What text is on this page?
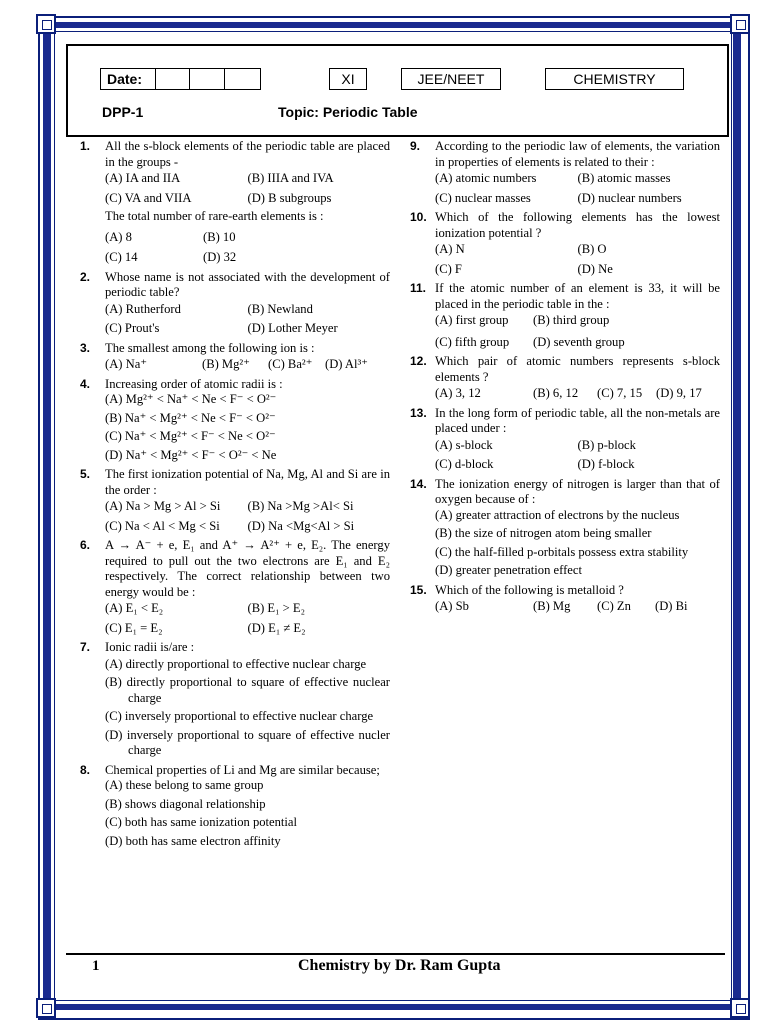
Date:	XI	JEE/NEET	CHEMISTRY
DPP-1	Topic: Periodic Table
1. All the s-block elements of the periodic table are placed in the groups -
(A) IA and IIA	(B) IIIA and IVA
(C) VA and VIIA	(D) B subgroups
The total number of rare-earth elements is :
(A) 8	(B) 10
(C) 14	(D) 32
2. Whose name is not associated with the development of periodic table?
(A) Rutherford	(B) Newland
(C) Prout's	(D) Lother Meyer
3. The smallest among the following ion is :
(A) Na⁺	(B) Mg²⁺	(C) Ba²⁺	(D) Al³⁺
4. Increasing order of atomic radii is :
(A) Mg²⁺ < Na⁺ < Ne < F⁻ < O²⁻
(B) Na⁺ < Mg²⁺ < Ne < F⁻ < O²⁻
(C) Na⁺ < Mg²⁺ < F⁻ < Ne < O²⁻
(D) Na⁺ < Mg²⁺ < F⁻ < O²⁻ < Ne
5. The first ionization potential of Na, Mg, Al and Si are in the order :
(A) Na > Mg > Al > Si	(B) Na >Mg >Al< Si
(C) Na < Al < Mg < Si	(D) Na <Mg<Al > Si
6. A → A⁻ + e, E₁ and A⁺ → A²⁺ + e, E₂. The energy required to pull out the two electrons are E₁ and E₂ respectively. The correct relationship between two energy would be :
(A) E₁ < E₂	(B) E₁ > E₂
(C) E₁ = E₂	(D) E₁ ≠ E₂
7. Ionic radii is/are :
(A) directly proportional to effective nuclear charge
(B) directly proportional to square of effective nuclear charge
(C) inversely proportional to effective nuclear charge
(D) inversely proportional to square of effective nucler charge
8. Chemical properties of Li and Mg are similar because;
(A) these belong to same group
(B) shows diagonal relationship
(C) both has same ionization potential
(D) both has same electron affinity
9. According to the periodic law of elements, the variation in properties of elements is related to their :
(A) atomic numbers	(B) atomic masses
(C) nuclear masses	(D) nuclear numbers
10. Which of the following elements has the lowest ionization potential ?
(A) N	(B) O
(C) F	(D) Ne
11. If the atomic number of an element is 33, it will be placed in the periodic table in the :
(A) first group	(B) third group
(C) fifth group	(D) seventh group
12. Which pair of atomic numbers represents s-block elements ?
(A) 3, 12	(B) 6, 12	(C) 7, 15	(D) 9, 17
13. In the long form of periodic table, all the non-metals are placed under :
(A) s-block	(B) p-block
(C) d-block	(D) f-block
14. The ionization energy of nitrogen is larger than that of oxygen because of :
(A) greater attraction of electrons by the nucleus
(B) the size of nitrogen atom being smaller
(C) the half-filled p-orbitals possess extra stability
(D) greater penetration effect
15. Which of the following is metalloid ?
(A) Sb	(B) Mg	(C) Zn	(D) Bi
1	Chemistry by Dr. Ram Gupta
